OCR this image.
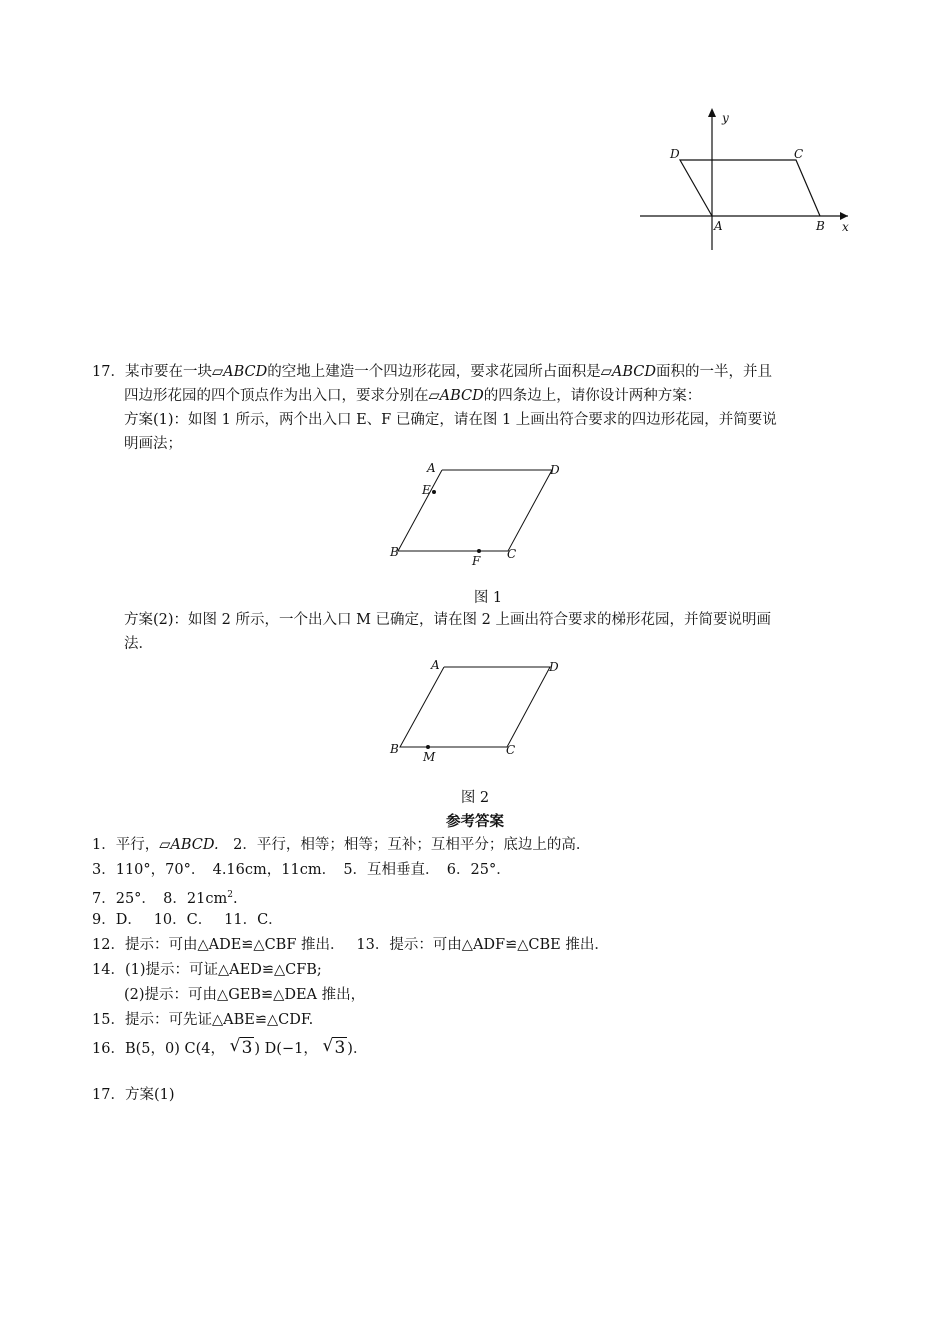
y
x
A	B
C
D
17．某市要在一块▱ABCD的空地上建造一个四边形花园，要求花园所占面积是▱ABCD面积的一半，并且
四边形花园的四个顶点作为出入口，要求分别在▱ABCD的四条边上，请你设计两种方案：
方案(1)：如图 1 所示，两个出入口 E、F 已确定，请在图 1 上画出符合要求的四边形花园，并简要说
明画法；
A	D
E
B	C
F
图 1
方案(2)：如图 2 所示，一个出入口 M 已确定，请在图 2 上画出符合要求的梯形花园，并简要说明画
法．
A	D
B	C
M
图 2
参考答案
1．平行，▱ABCD.　2．平行，相等；相等；互补；互相平分；底边上的高．
3．110°，70°．　4.16cm，11cm．　5．互相垂直．　6．25°．
7．25°．　8．$21cm^2$.
9．D．　 10．C．　 11．C．
12．提示：可由△ADE≌△CBF 推出．　 13．提示：可由△ADF≌△CBE 推出．
14．(1)提示：可证△AED≌△CFB;
(2)提示：可由△GEB≌△DEA 推出，
15．提示：可先证△ABE≌△CDF.
16．B(5，0) C(4， √ 3 ) D(−1， √ 3 )．
17．方案(1)
